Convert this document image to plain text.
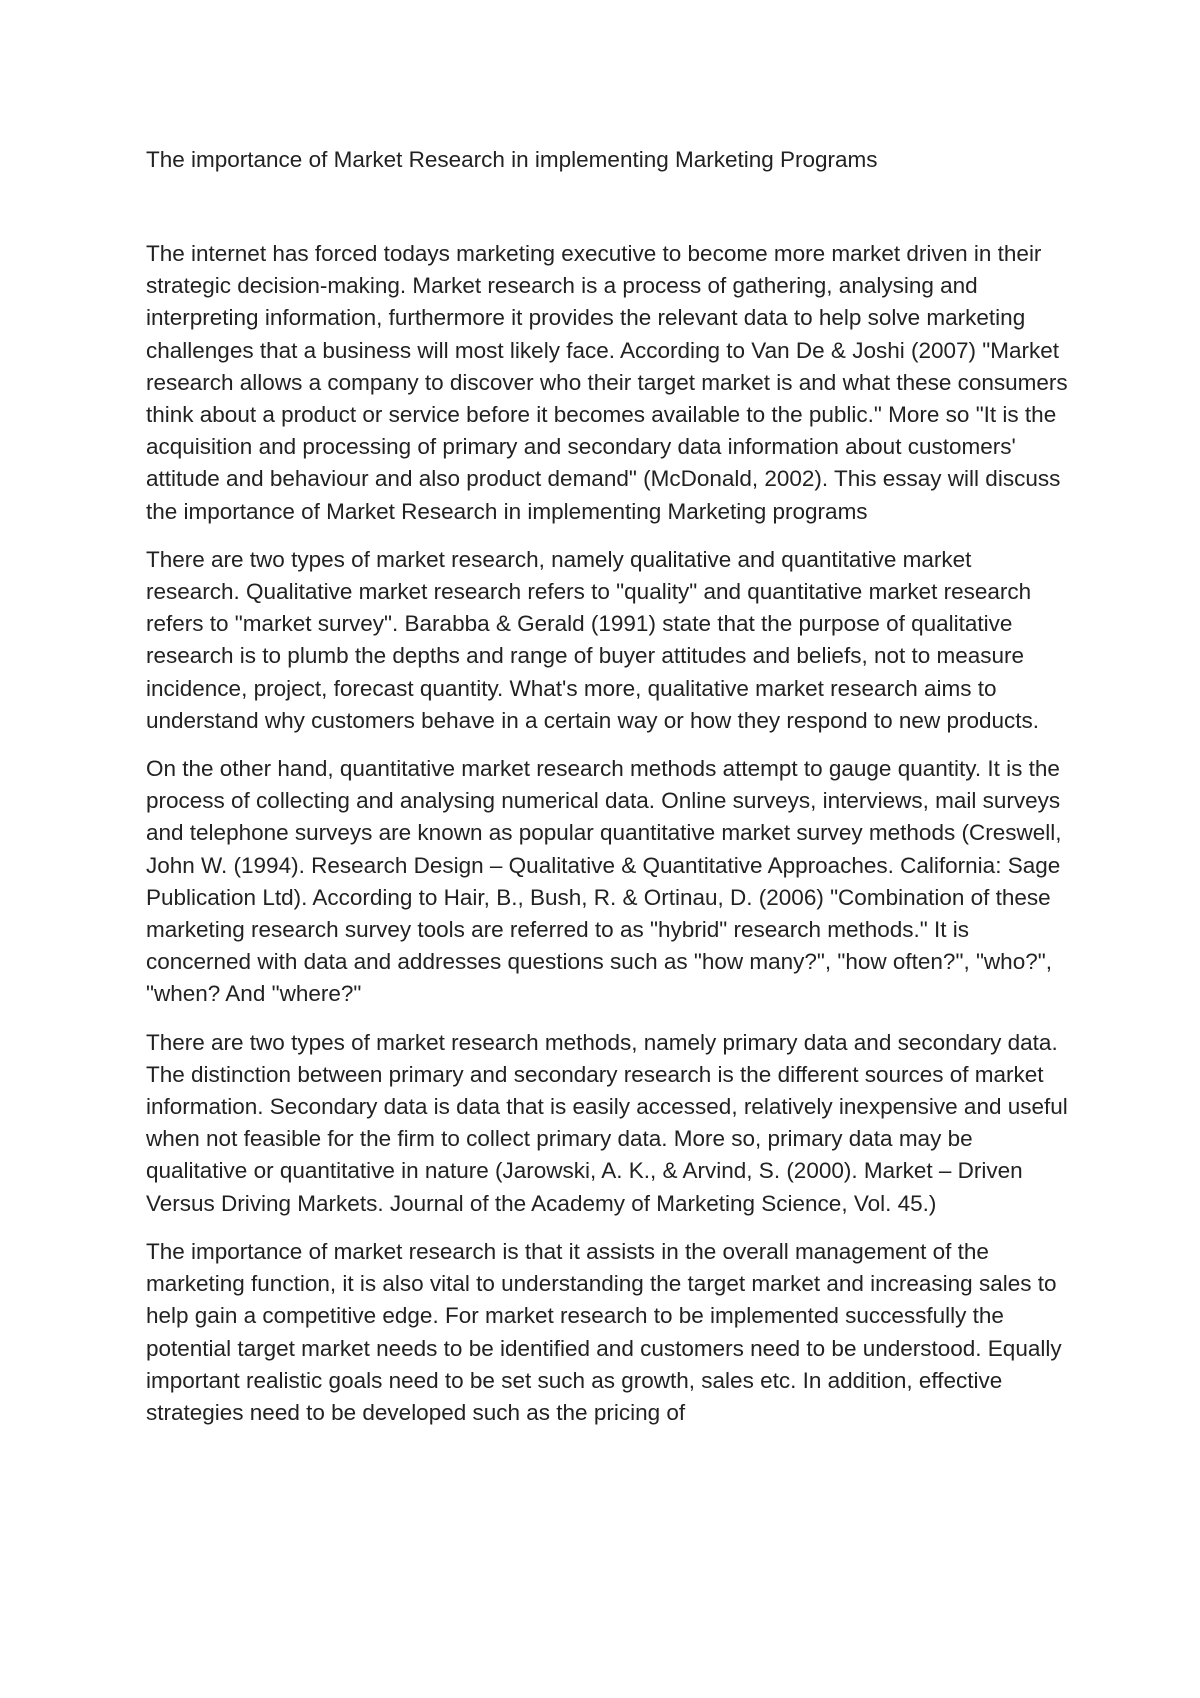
The importance of Market Research in implementing Marketing Programs

The internet has forced todays marketing executive to become more market driven in their strategic decision-making. Market research is a process of gathering, analysing and interpreting information, furthermore it provides the relevant data to help solve marketing challenges that a business will most likely face. According to Van De & Joshi (2007) "Market research allows a company to discover who their target market is and what these consumers think about a product or service before it becomes available to the public." More so "It is the acquisition and processing of primary and secondary data information about customers' attitude and behaviour and also product demand" (McDonald, 2002). This essay will discuss the importance of Market Research in implementing Marketing programs

There are two types of market research, namely qualitative and quantitative market research. Qualitative market research refers to "quality" and quantitative market research refers to "market survey". Barabba & Gerald (1991) state that the purpose of qualitative research is to plumb the depths and range of buyer attitudes and beliefs, not to measure incidence, project, forecast quantity. What's more, qualitative market research aims to understand why customers behave in a certain way or how they respond to new products.

On the other hand, quantitative market research methods attempt to gauge quantity. It is the process of collecting and analysing numerical data. Online surveys, interviews, mail surveys and telephone surveys are known as popular quantitative market survey methods (Creswell, John W. (1994). Research Design – Qualitative & Quantitative Approaches. California: Sage Publication Ltd). According to Hair, B., Bush, R. & Ortinau, D. (2006) "Combination of these marketing research survey tools are referred to as "hybrid" research methods." It is concerned with data and addresses questions such as "how many?", "how often?", "who?", "when? And "where?"

There are two types of market research methods, namely primary data and secondary data. The distinction between primary and secondary research is the different sources of market information. Secondary data is data that is easily accessed, relatively inexpensive and useful when not feasible for the firm to collect primary data. More so, primary data may be qualitative or quantitative in nature (Jarowski, A. K., & Arvind, S. (2000). Market – Driven Versus Driving Markets. Journal of the Academy of Marketing Science, Vol. 45.)

The importance of market research is that it assists in the overall management of the marketing function, it is also vital to understanding the target market and increasing sales to help gain a competitive edge. For market research to be implemented successfully the potential target market needs to be identified and customers need to be understood. Equally important realistic goals need to be set such as growth, sales etc. In addition, effective strategies need to be developed such as the pricing of
